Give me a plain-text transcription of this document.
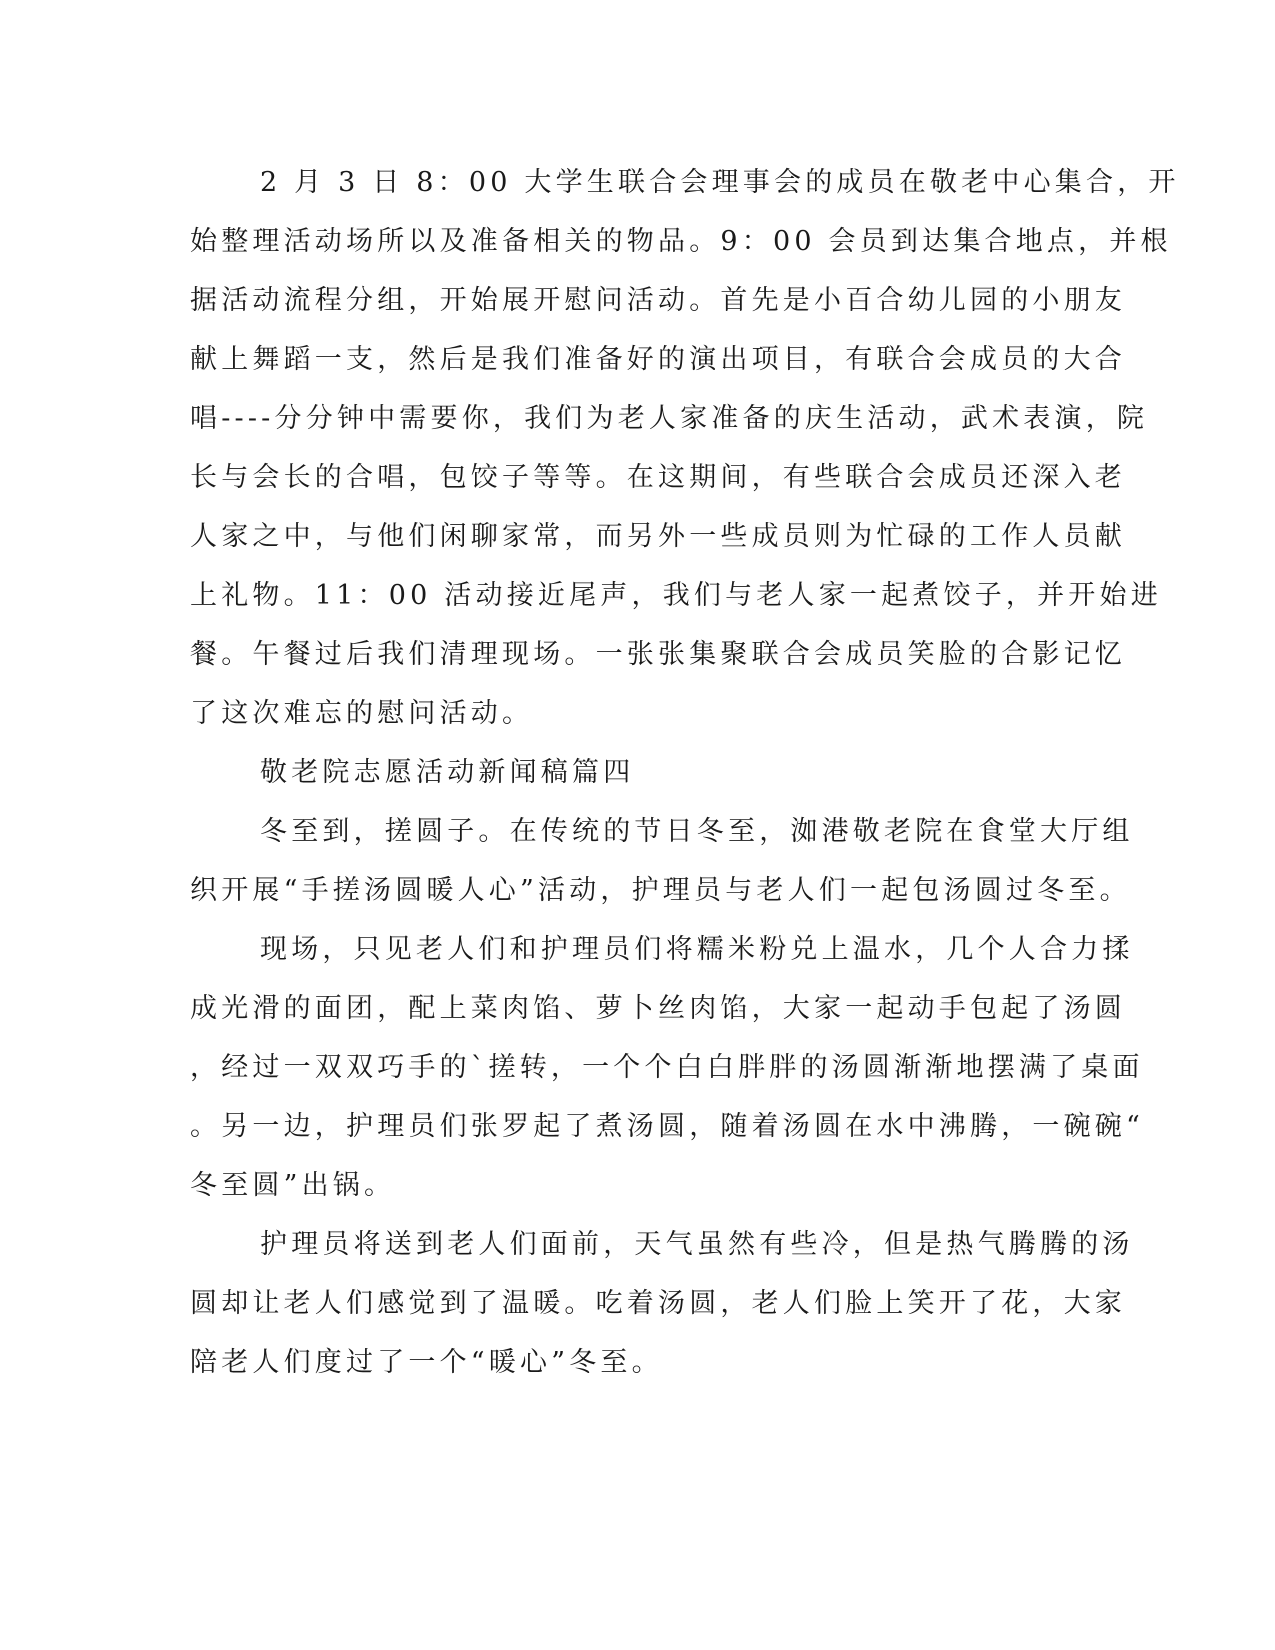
2 月 3 日 8：00 大学生联合会理事会的成员在敬老中心集合，开

始整理活动场所以及准备相关的物品。9：00 会员到达集合地点，并根

据活动流程分组，开始展开慰问活动。首先是小百合幼儿园的小朋友

献上舞蹈一支，然后是我们准备好的演出项目，有联合会成员的大合

唱----分分钟中需要你，我们为老人家准备的庆生活动，武术表演，院

长与会长的合唱，包饺子等等。在这期间，有些联合会成员还深入老

人家之中，与他们闲聊家常，而另外一些成员则为忙碌的工作人员献

上礼物。11：00 活动接近尾声，我们与老人家一起煮饺子，并开始进

餐。午餐过后我们清理现场。一张张集聚联合会成员笑脸的合影记忆

了这次难忘的慰问活动。

敬老院志愿活动新闻稿篇四

冬至到，搓圆子。在传统的节日冬至，洳港敬老院在食堂大厅组

织开展“手搓汤圆暖人心”活动，护理员与老人们一起包汤圆过冬至。

现场，只见老人们和护理员们将糯米粉兑上温水，几个人合力揉

成光滑的面团，配上菜肉馅、萝卜丝肉馅，大家一起动手包起了汤圆

，经过一双双巧手的`搓转，一个个白白胖胖的汤圆渐渐地摆满了桌面

。另一边，护理员们张罗起了煮汤圆，随着汤圆在水中沸腾，一碗碗“

冬至圆”出锅。

护理员将送到老人们面前，天气虽然有些冷，但是热气腾腾的汤

圆却让老人们感觉到了温暖。吃着汤圆，老人们脸上笑开了花，大家

陪老人们度过了一个“暖心”冬至。
